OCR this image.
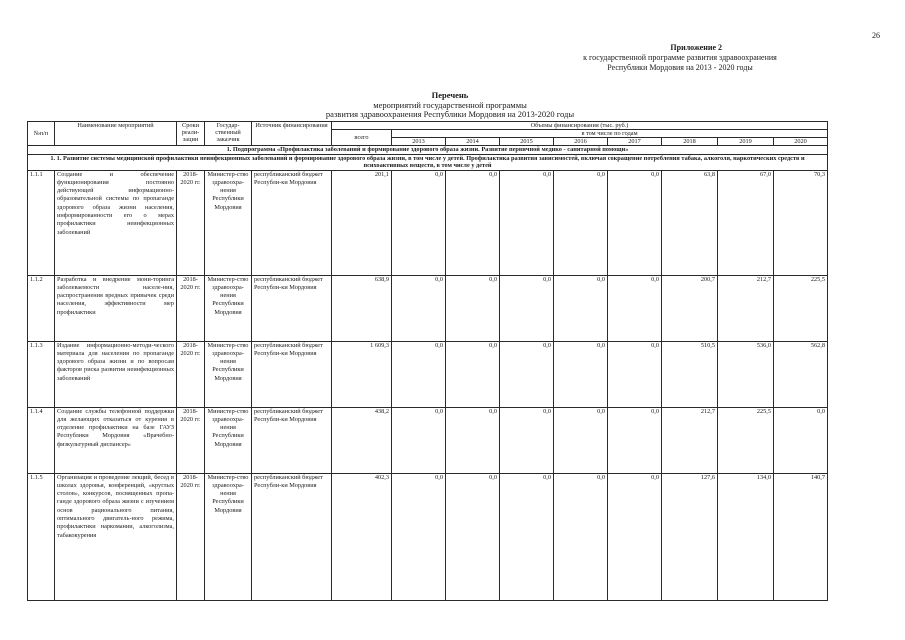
26
Приложение 2
к государственной программе развития здравоохранения
Республики Мордовия на 2013 - 2020 годы
Перечень
мероприятий государственной программы
развития здравоохранения Республики Мордовия на 2013-2020 годы
№п/п	Наименование мероприятий	Сроки реали-зации	Государ-ственный заказчик	Источник финансирования	Объемы финансирования (тыс. руб.)								
					всего	в том числе по годам							
						2013	2014	2015	2016	2017	2018	2019	2020
1. Подпрограмма «Профилактика заболеваний и формирование здорового образа жизни. Развитие первичной медико - санитарной помощи»													
1. 1. Развитие системы медицинской профилактики неинфекционных заболеваний и формирование здорового образа жизни, в том числе у детей. Профилактика развития зависимостей, включая сокращение потребления табака, алкоголя, наркотических средств и психоактивных веществ, в том числе у детей													
1.1.1	Создание и обеспечение функционирования постоянно действующей информационно-образовательной системы по пропаганде здорового образа жизни населения, информированности его о мерах профилактики неинфекционных заболеваний	2018-2020 гг.	Министер-ство здравоохра-нения Республики Мордовия	республиканский бюджет Республи-ки Мордовия	201,1	0,0	0,0	0,0	0,0	0,0	63,8	67,0	70,3
1.1.2	Разработка и внедрение мони-торинга заболеваемости населе-ния, распространения вредных привычек среди населения, эффективности мер профилактики	2018-2020 гг.	Министер-ство здравоохра-нения Республики Мордовия	республиканский бюджет Республи-ки Мордовия	638,9	0,0	0,0	0,0	0,0	0,0	200,7	212,7	225,5
1.1.3	Издание информационно-методи-ческого материала для населения по пропаганде здорового образа жизни и по вопросам факторов риска развития неинфекционных заболеваний	2018-2020 гг.	Министер-ство здравоохра-нения Республики Мордовия	республиканский бюджет Республи-ки Мордовия	1 609,3	0,0	0,0	0,0	0,0	0,0	510,5	536,0	562,8
1.1.4	Создание службы телефонной поддержки для желающих отказаться от курения в отделение профилактики на базе ГАУЗ Республики Мордовия «Врачебно-физкультурный диспансер»	2018-2020 гг.	Министер-ство здравоохра-нения Республики Мордовия	республиканский бюджет Республи-ки Мордовия	438,2	0,0	0,0	0,0	0,0	0,0	212,7	225,5	0,0
1.1.5	Организация и проведение лекций, бесед в школах здоровья, конференций, «круглых столов», конкурсов, посвященных пропа-ганде здорового образа жизни с изучением основ рационального питания, оптимального двигатель-ного режима, профилактики наркомании, алкоголизма, табакокурения	2018-2020 гг.	Министер-ство здравоохра-нения Республики Мордовия	республиканский бюджет Республи-ки Мордовия	402,3	0,0	0,0	0,0	0,0	0,0	127,6	134,0	140,7
